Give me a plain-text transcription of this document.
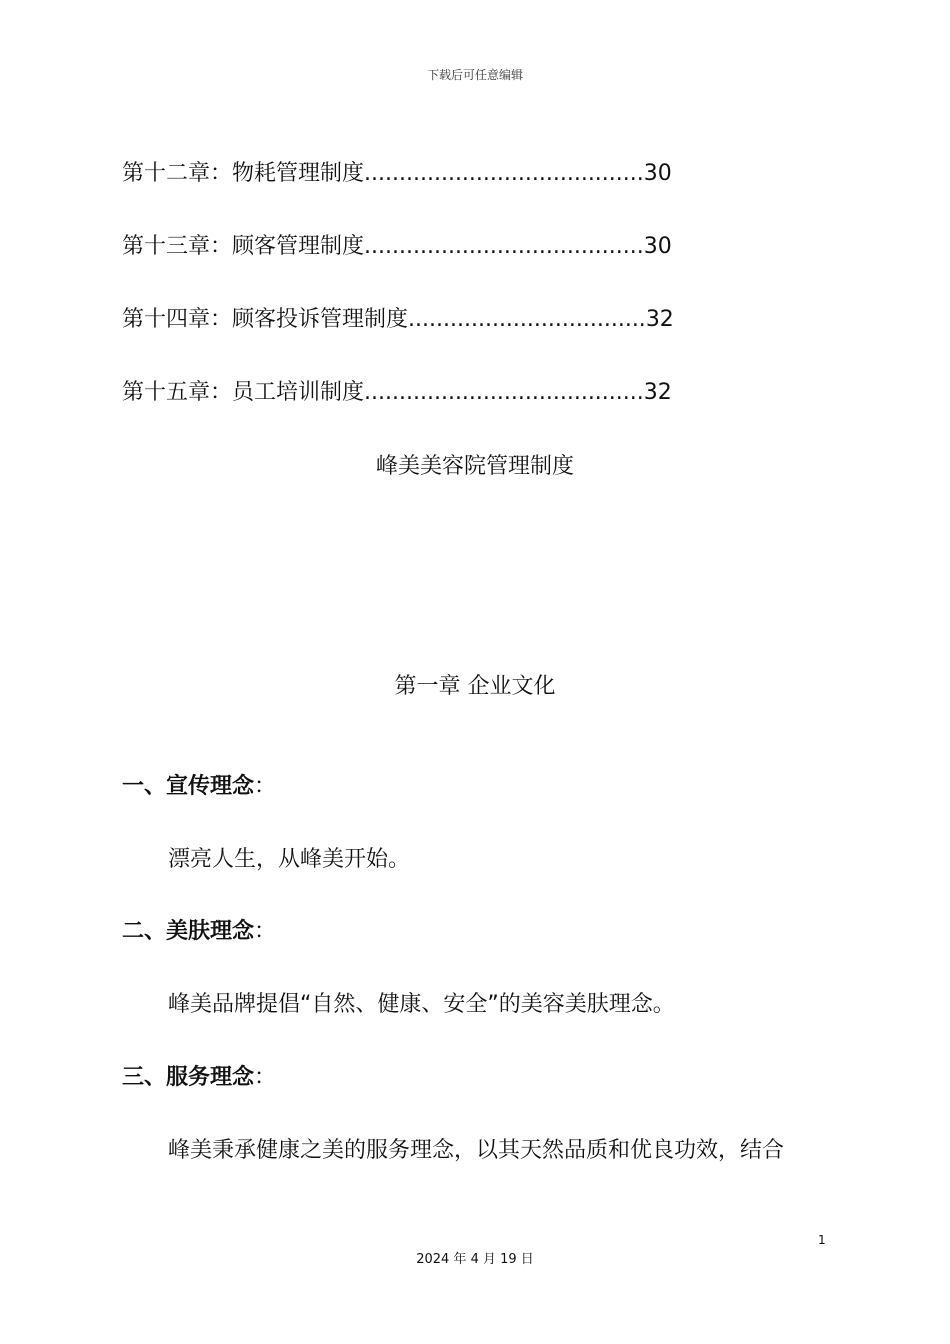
下载后可任意编辑
第十二章：物耗管理制度........................................30
第十三章：顾客管理制度........................................30
第十四章：顾客投诉管理制度..................................32
第十五章：员工培训制度........................................32
峰美美容院管理制度
第一章 企业文化
一、宣传理念：
漂亮人生，从峰美开始。
二、美肤理念：
峰美品牌提倡“自然、健康、安全”的美容美肤理念。
三、服务理念：
峰美秉承健康之美的服务理念，以其天然品质和优良功效，结合
1
2024 年 4 月 19 日
